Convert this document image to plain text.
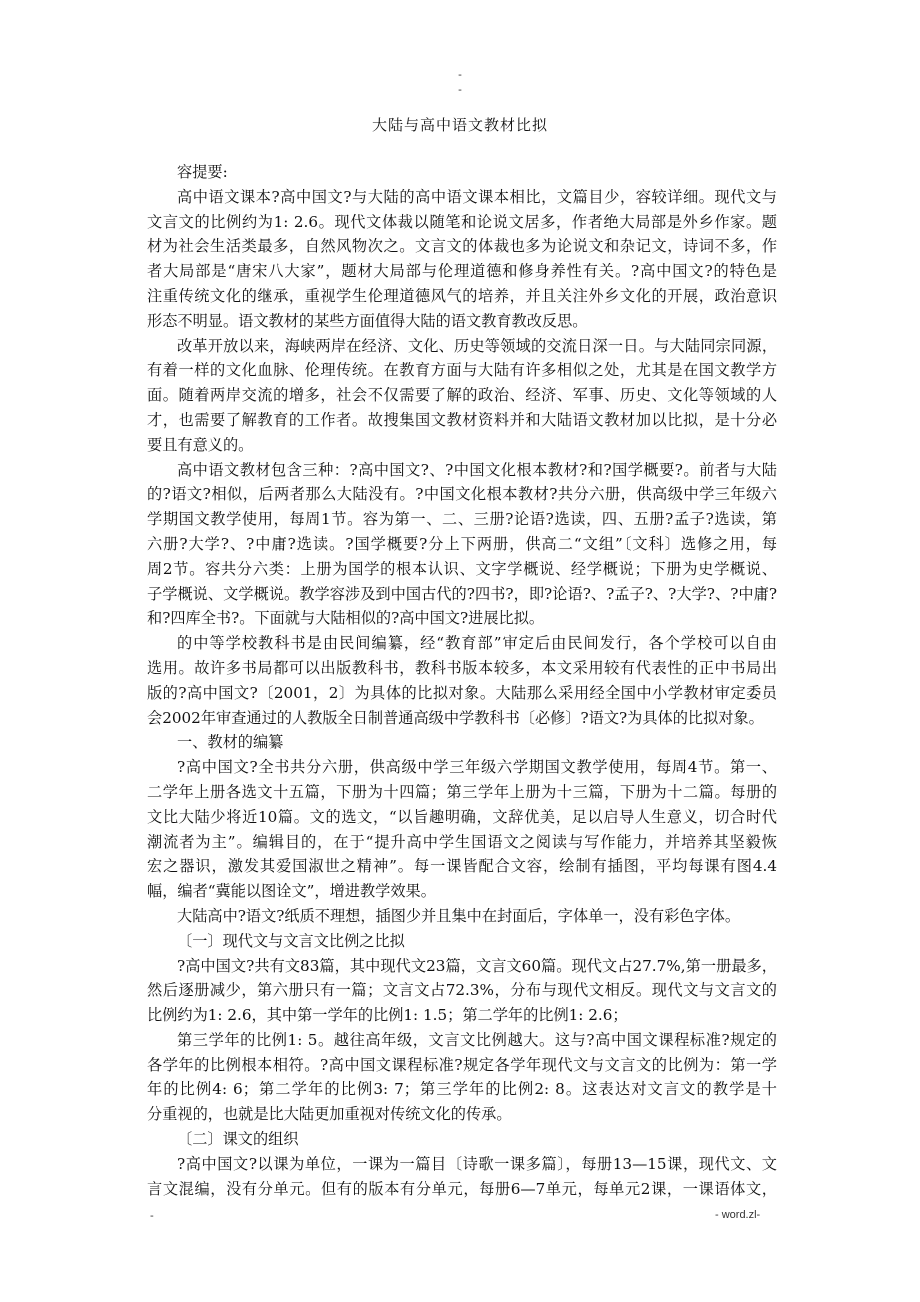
-
-
大陆与高中语文教材比拟
容提要:
高中语文课本?高中国文?与大陆的高中语文课本相比，文篇目少，容较详细。现代文与
文言文的比例约为1: 2.6。现代文体裁以随笔和论说文居多，作者绝大局部是外乡作家。题
材为社会生活类最多，自然风物次之。文言文的体裁也多为论说文和杂记文，诗词不多，作
者大局部是“唐宋八大家”，题材大局部与伦理道德和修身养性有关。?高中国文?的特色是
注重传统文化的继承，重视学生伦理道德风气的培养，并且关注外乡文化的开展，政治意识
形态不明显。语文教材的某些方面值得大陆的语文教育教改反思。
改革开放以来，海峡两岸在经济、文化、历史等领域的交流日深一日。与大陆同宗同源，
有着一样的文化血脉、伦理传统。在教育方面与大陆有许多相似之处，尤其是在国文教学方
面。随着两岸交流的增多，社会不仅需要了解的政治、经济、军事、历史、文化等领域的人
才，也需要了解教育的工作者。故搜集国文教材资料并和大陆语文教材加以比拟，是十分必
要且有意义的。
高中语文教材包含三种：?高中国文?、?中国文化根本教材?和?国学概要?。前者与大陆
的?语文?相似，后两者那么大陆没有。?中国文化根本教材?共分六册，供高级中学三年级六
学期国文教学使用，每周1节。容为第一、二、三册?论语?选读，四、五册?孟子?选读，第
六册?大学?、?中庸?选读。?国学概要?分上下两册，供高二“文组”〔文科〕选修之用，每
周2节。容共分六类：上册为国学的根本认识、文字学概说、经学概说；下册为史学概说、
子学概说、文学概说。教学容涉及到中国古代的?四书?，即?论语?、?孟子?、?大学?、?中庸?
和?四库全书?。下面就与大陆相似的?高中国文?进展比拟。
的中等学校教科书是由民间编纂，经“教育部”审定后由民间发行，各个学校可以自由
选用。故许多书局都可以出版教科书，教科书版本较多，本文采用较有代表性的正中书局出
版的?高中国文?〔2001，2〕为具体的比拟对象。大陆那么采用经全国中小学教材审定委员
会2002年审查通过的人教版全日制普通高级中学教科书〔必修〕?语文?为具体的比拟对象。
一、教材的编纂
?高中国文?全书共分六册，供高级中学三年级六学期国文教学使用，每周4节。第一、
二学年上册各选文十五篇，下册为十四篇；第三学年上册为十三篇，下册为十二篇。每册的
文比大陆少将近10篇。文的选文，“以旨趣明确，文辞优美，足以启导人生意义，切合时代
潮流者为主”。编辑目的，在于“提升高中学生国语文之阅读与写作能力，并培养其坚毅恢
宏之器识，激发其爱国淑世之精神”。每一课皆配合文容，绘制有插图，平均每课有图4.4
幅，编者“冀能以图诠文”，增进教学效果。
大陆高中?语文?纸质不理想，插图少并且集中在封面后，字体单一，没有彩色字体。
〔一〕现代文与文言文比例之比拟
?高中国文?共有文83篇，其中现代文23篇，文言文60篇。现代文占27.7%,第一册最多，
然后逐册减少，第六册只有一篇；文言文占72.3%，分布与现代文相反。现代文与文言文的
比例约为1: 2.6，其中第一学年的比例1: 1.5；第二学年的比例1: 2.6；
第三学年的比例1: 5。越往高年级，文言文比例越大。这与?高中国文课程标准?规定的
各学年的比例根本相符。?高中国文课程标准?规定各学年现代文与文言文的比例为：第一学
年的比例4: 6；第二学年的比例3: 7；第三学年的比例2: 8。这表达对文言文的教学是十
分重视的，也就是比大陆更加重视对传统文化的传承。
〔二〕课文的组织
?高中国文?以课为单位，一课为一篇目〔诗歌一课多篇〕，每册13—15课，现代文、文
言文混编，没有分单元。但有的版本有分单元，每册6—7单元，每单元2课，一课语体文，
-	- word.zl-
